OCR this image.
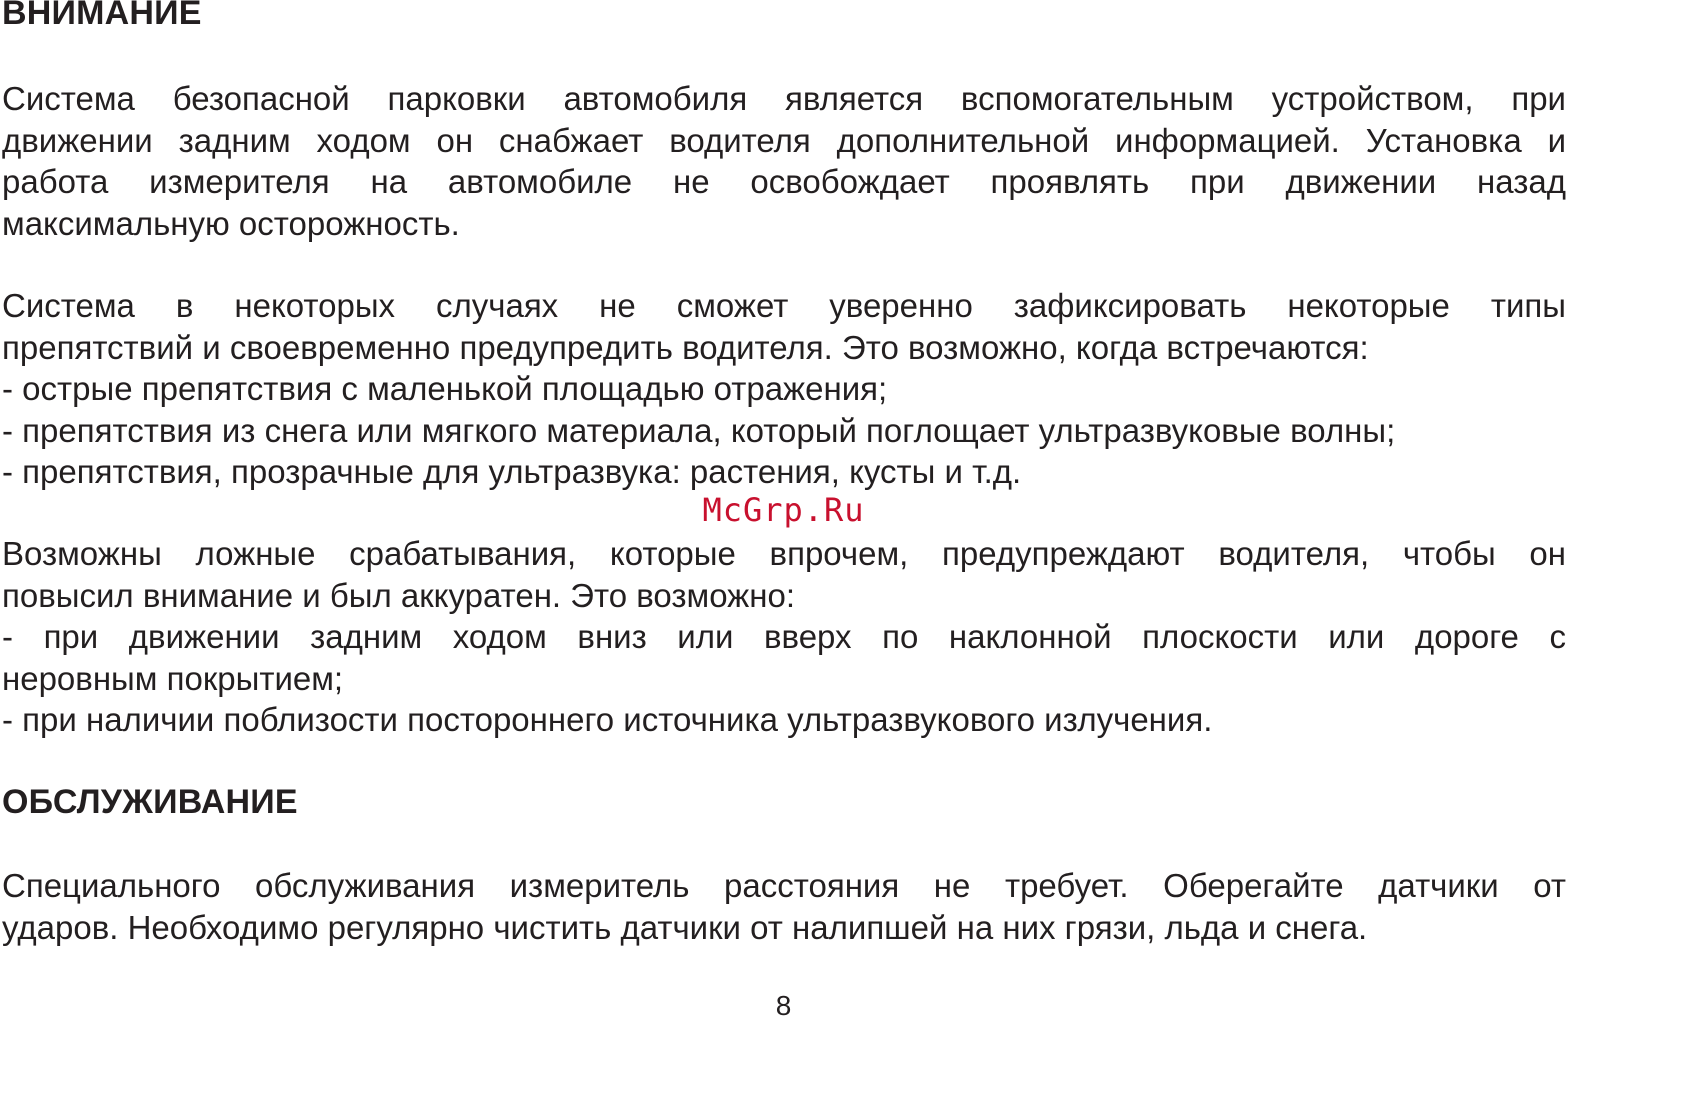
ВНИМАНИЕ
Система безопасной парковки автомобиля является вспомогательным устройством, при
движении задним ходом он снабжает водителя дополнительной информацией. Установка и
работа измерителя на автомобиле не освобождает проявлять при движении назад
максимальную осторожность.
Система в некоторых случаях не сможет уверенно зафиксировать некоторые типы
препятствий и своевременно предупредить водителя. Это возможно, когда встречаются:
- острые препятствия с маленькой площадью отражения;
- препятствия из снега или мягкого материала, который поглощает ультразвуковые волны;
- препятствия, прозрачные для ультразвука: растения, кусты и т.д.
McGrp.Ru
Возможны ложные срабатывания, которые впрочем, предупреждают водителя, чтобы он
повысил внимание и был аккуратен. Это возможно:
- при движении задним ходом вниз или вверх по наклонной плоскости или дороге с
неровным покрытием;
- при наличии поблизости постороннего источника ультразвукового излучения.
ОБСЛУЖИВАНИЕ
Специального обслуживания измеритель расстояния не требует. Оберегайте датчики от
ударов. Необходимо регулярно чистить датчики от налипшей на них грязи, льда и снега.
8
